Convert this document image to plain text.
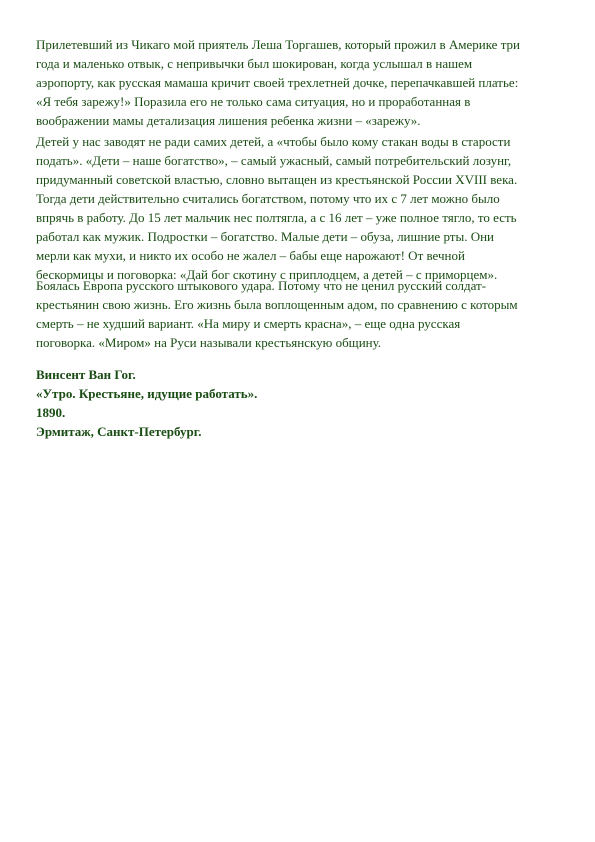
Прилетевший из Чикаго мой приятель Леша Торгашев, который прожил в Америке три
года и маленько отвык, с непривычки был шокирован, когда услышал в нашем
аэропорту, как русская мамаша кричит своей трехлетней дочке, перепачкавшей платье:
«Я тебя зарежу!» Поразила его не только сама ситуация, но и проработанная в
воображении мамы детализация лишения ребенка жизни – «зарежу».

Детей у нас заводят не ради самих детей, а «чтобы было кому стакан воды в старости
подать». «Дети – наше богатство», – самый ужасный, самый потребительский лозунг,
придуманный советской властью, словно вытащен из крестьянской России XVIII века.
Тогда дети действительно считались богатством, потому что их с 7 лет можно было
впрячь в работу. До 15 лет мальчик нес полтягла, а с 16 лет – уже полное тягло, то есть
работал как мужик. Подростки – богатство. Малые дети – обуза, лишние рты. Они
мерли как мухи, и никто их особо не жалел – бабы еще нарожают! От вечной
бескормицы и поговорка: «Дай бог скотину с приплодцем, а детей – с приморцем».

Боялась Европа русского штыкового удара. Потому что не ценил русский солдат-
крестьянин свою жизнь. Его жизнь была воплощенным адом, по сравнению с которым
смерть – не худший вариант. «На миру и смерть красна», – еще одна русская
поговорка. «Миром» на Руси называли крестьянскую общину.

Винсент Ван Гог.
«Утро. Крестьяне, идущие работать».
1890.
Эрмитаж, Санкт-Петербург.
